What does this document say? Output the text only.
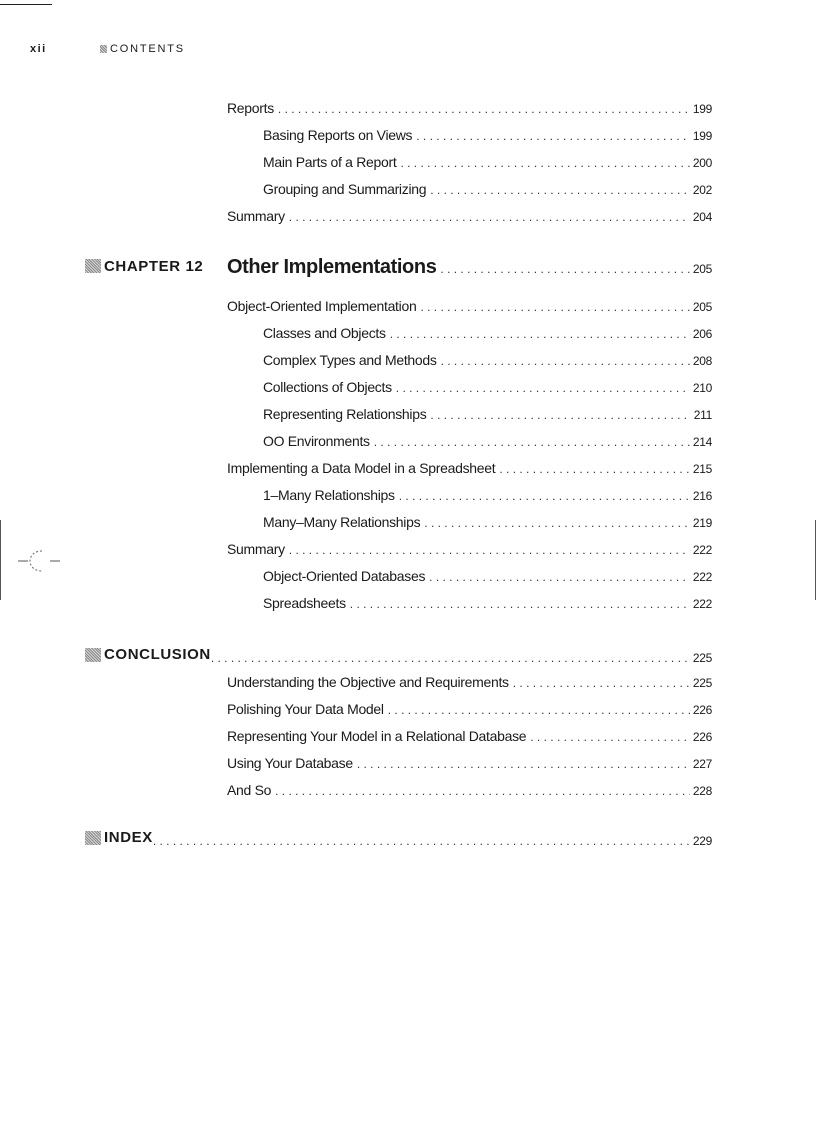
xii	CONTENTS
Reports . . .	199
Basing Reports on Views . . .	199
Main Parts of a Report . . .	200
Grouping and Summarizing . . .	202
Summary . . .	204
CHAPTER 12 Other Implementations . . .	205
Object-Oriented Implementation . . .	205
Classes and Objects . . .	206
Complex Types and Methods . . .	208
Collections of Objects . . .	210
Representing Relationships . . .	211
OO Environments . . .	214
Implementing a Data Model in a Spreadsheet . . .	215
1–Many Relationships . . .	216
Many–Many Relationships . . .	219
Summary . . .	222
Object-Oriented Databases . . .	222
Spreadsheets . . .	222
CONCLUSION . . .	225
Understanding the Objective and Requirements . . .	225
Polishing Your Data Model . . .	226
Representing Your Model in a Relational Database . . .	226
Using Your Database . . .	227
And So . . .	228
INDEX . . .	229
